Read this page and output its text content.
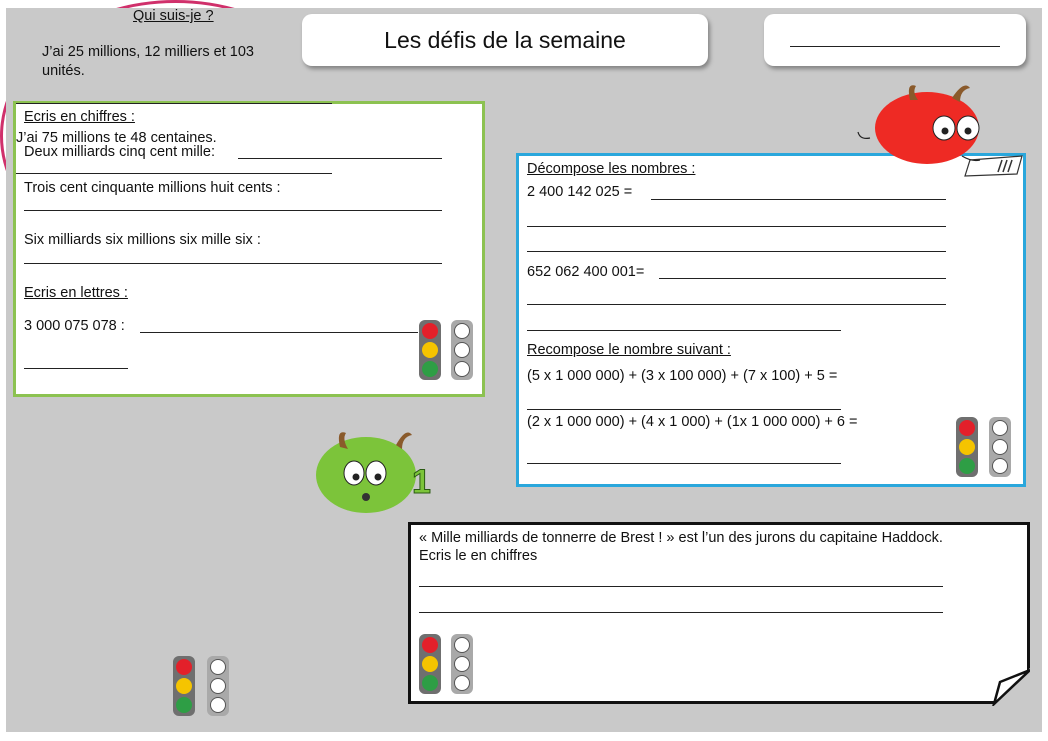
Les défis de la semaine
Ecris en chiffres :
Deux milliards cinq cent mille:
Trois cent cinquante millions huit cents :
Six milliards six millions six mille six :
Ecris en lettres :
3 000 075 078 :
Décompose les nombres :
2 400 142 025 =
652 062 400 001=
Recompose le nombre suivant :
(5 x 1 000 000) + (3 x 100 000) + (7 x 100) + 5 =
(2 x 1 000 000) + (4 x 1 000) + (1x 1 000 000) + 6 =
Qui suis-je ?
J’ai 25 millions, 12 milliers et 103
unités.
J’ai 75 millions te 48 centaines.
1
« Mille milliards de tonnerre de Brest ! » est l’un des jurons du capitaine Haddock.
Ecris le en chiffres
